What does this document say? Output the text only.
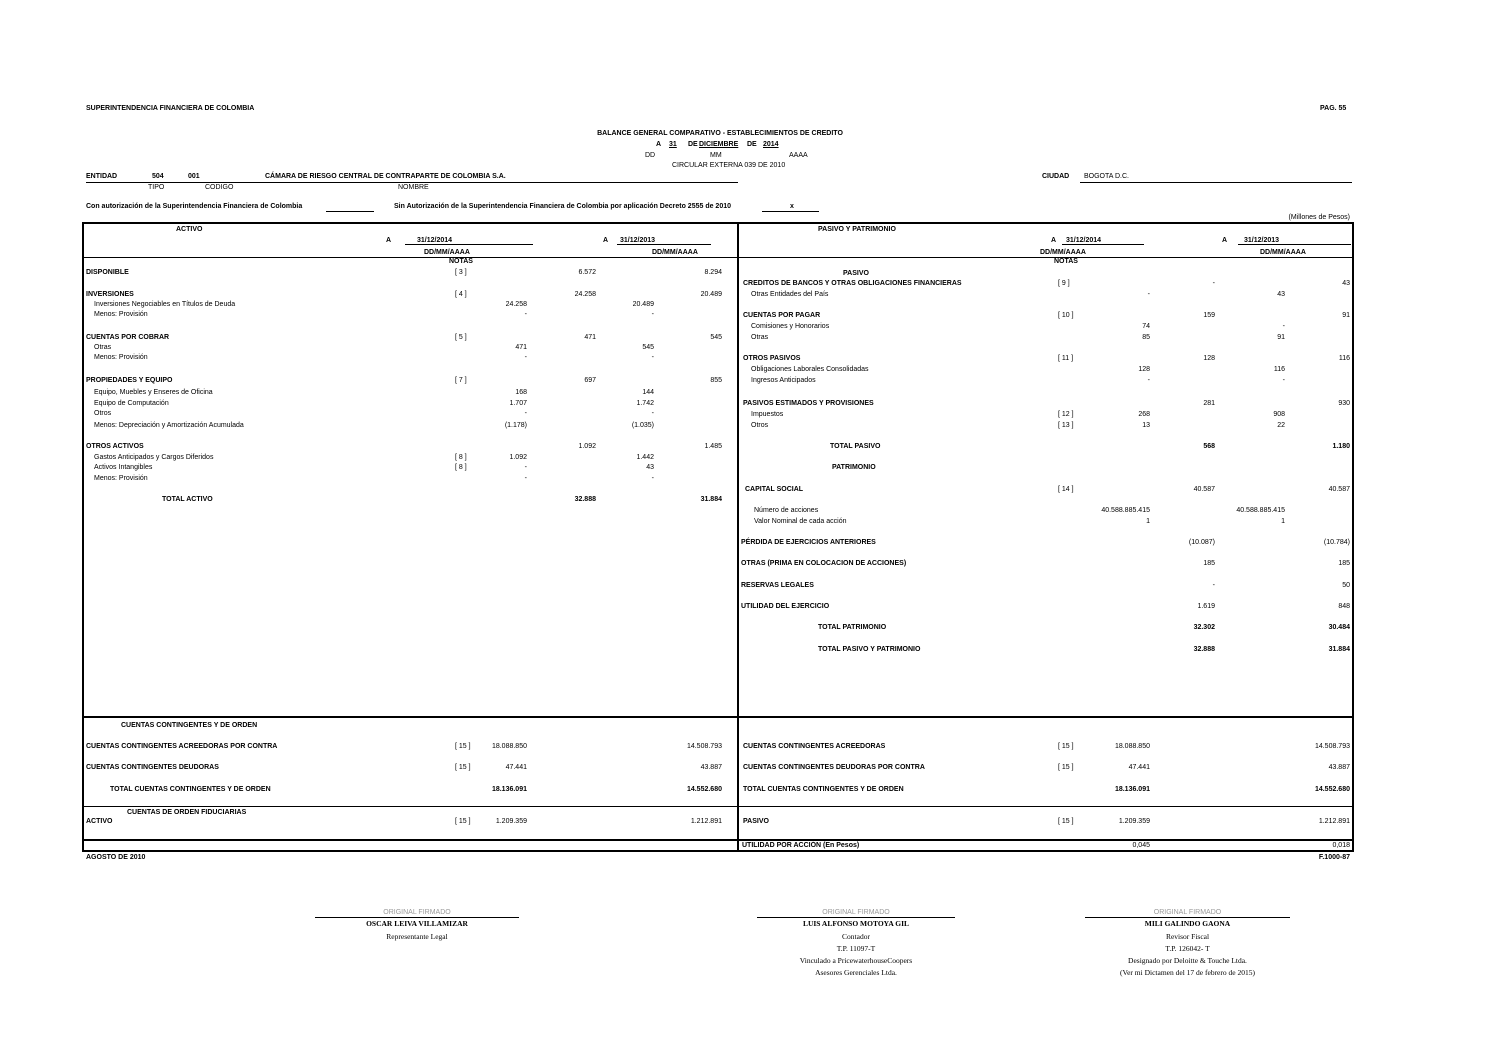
SUPERINTENDENCIA FINANCIERA DE COLOMBIA	PAG. 55
BALANCE GENERAL COMPARATIVO - ESTABLECIMIENTOS DE CREDITO
A 31 DE DICIEMBRE DE 2014
DD	MM	AAAA
CIRCULAR EXTERNA 039 DE 2010
ENTIDAD	504	001	CÁMARA DE RIESGO CENTRAL DE CONTRAPARTE DE COLOMBIA S.A.
TIPO	CODIGO	NOMBRE
CIUDAD BOGOTA D.C.
Con autorización de la Superintendencia Financiera de Colombia	Sin Autorización de la Superintendencia Financiera de Colombia por aplicación Decreto 2555 de 2010	x
(Millones de Pesos)
ACTIVO
A	31/12/2014	A 31/12/2013
DD/MM/AAAA	DD/MM/AAAA
NOTAS
PASIVO Y PATRIMONIO
A 31/12/2014	A 31/12/2013
DD/MM/AAAA	DD/MM/AAAA
NOTAS
PASIVO
DISPONIBLE	[ 3 ]	6.572	8.294
INVERSIONES	[ 4 ]	24.258	20.489
Inversiones Negociables en Títulos de Deuda	24.258	20.489
Menos: Provisión	-	-
CUENTAS POR COBRAR	[ 5 ]	471	545
Otras	471	545
Menos: Provisión	-	-
PROPIEDADES Y EQUIPO	[ 7 ]	697	855
Equipo, Muebles y Enseres de Oficina	168	144
Equipo de Computación	1.707	1.742
Otros	-	-
Menos: Depreciación y Amortización Acumulada	(1.178)	(1.035)
OTROS ACTIVOS	1.092	1.485
Gastos Anticipados y Cargos Diferidos	[ 8 ]	1.092	1.442
Activos Intangibles	[ 8 ]	-	43
Menos: Provisión	-	-
TOTAL ACTIVO	32.888	31.884
CUENTAS CONTINGENTES ACREEDORAS POR CONTRA	[ 15 ]	18.088.850	14.508.793
CUENTAS CONTINGENTES DEUDORAS	[ 15 ]	47.441	43.887
TOTAL CUENTAS CONTINGENTES Y DE ORDEN	18.136.091	14.552.680
ACTIVO	[ 15 ]	1.209.359	1.212.891
CREDITOS DE BANCOS Y OTRAS OBLIGACIONES FINANCIERAS	[ 9 ]	-	43
Otras Entidades del País	-	43
CUENTAS POR PAGAR	[ 10 ]	159	91
Comisiones y Honorarios	74	-
Otras	85	91
OTROS PASIVOS	[ 11 ]	128	116
Obligaciones Laborales Consolidadas	128	116
Ingresos Anticipados	-	-
PASIVOS ESTIMADOS Y PROVISIONES	281	930
Impuestos	[ 12 ]	268	908
Otros	[ 13 ]	13	22
TOTAL PASIVO	568	1.180
PATRIMONIO
CAPITAL SOCIAL	[ 14 ]	40.587	40.587
Número de acciones	40.588.885.415	40.588.885.415
Valor Nominal de cada acción	1	1
PÉRDIDA DE EJERCICIOS ANTERIORES	(10.087)	(10.784)
OTRAS (PRIMA EN COLOCACION DE ACCIONES)	185	185
RESERVAS LEGALES	-	50
UTILIDAD DEL EJERCICIO	1.619	848
TOTAL PATRIMONIO	32.302	30.484
TOTAL PASIVO Y PATRIMONIO	32.888	31.884
CUENTAS CONTINGENTES ACREEDORAS	[ 15 ]	18.088.850	14.508.793
CUENTAS CONTINGENTES DEUDORAS POR CONTRA	[ 15 ]	47.441	43.887
TOTAL CUENTAS CONTINGENTES Y DE ORDEN	18.136.091	14.552.680
PASIVO	[ 15 ]	1.209.359	1.212.891
CUENTAS CONTINGENTES Y DE ORDEN
CUENTAS DE ORDEN FIDUCIARIAS
UTILIDAD POR ACCIÓN (En Pesos)	0,045	0,018
AGOSTO DE 2010	F.1000-87
ORIGINAL FIRMADO
OSCAR LEIVA VILLAMIZAR
Representante Legal
ORIGINAL FIRMADO
LUIS ALFONSO MOTOYA GIL
Contador
T.P. 11097-T
Vinculado a PricewaterhouseCoopers
Asesores Gerenciales Ltda.
ORIGINAL FIRMADO
MILI GALINDO GAONA
Revisor Fiscal
T.P. 126042- T
Designado por Deloitte & Touche Ltda.
(Ver mi Dictamen del 17 de febrero de 2015)
